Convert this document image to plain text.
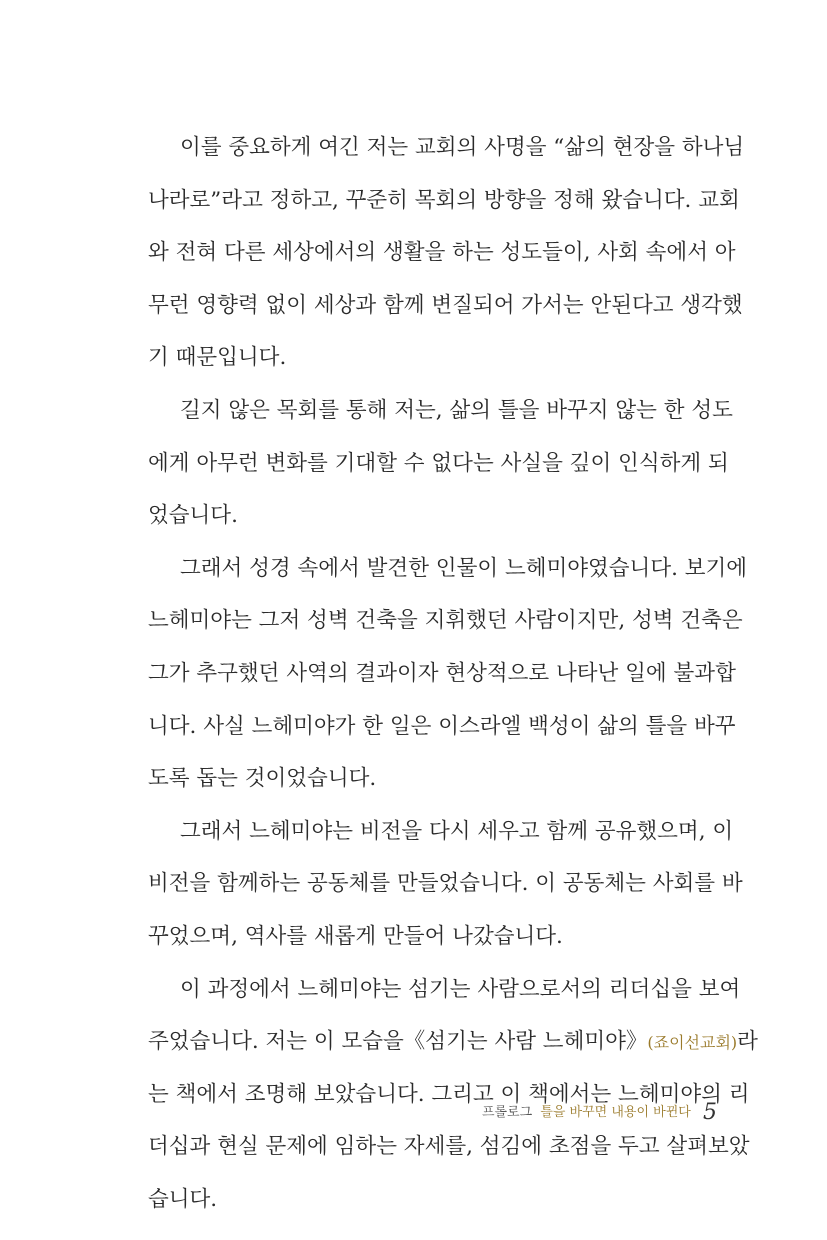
이를 중요하게 여긴 저는 교회의 사명을 “삶의 현장을 하나님
나라로”라고 정하고, 꾸준히 목회의 방향을 정해 왔습니다. 교회
와 전혀 다른 세상에서의 생활을 하는 성도들이, 사회 속에서 아
무런 영향력 없이 세상과 함께 변질되어 가서는 안된다고 생각했
기 때문입니다.
길지 않은 목회를 통해 저는, 삶의 틀을 바꾸지 않는 한 성도
에게 아무런 변화를 기대할 수 없다는 사실을 깊이 인식하게 되
었습니다.
그래서 성경 속에서 발견한 인물이 느헤미야였습니다. 보기에
느헤미야는 그저 성벽 건축을 지휘했던 사람이지만, 성벽 건축은
그가 추구했던 사역의 결과이자 현상적으로 나타난 일에 불과합
니다. 사실 느헤미야가 한 일은 이스라엘 백성이 삶의 틀을 바꾸
도록 돕는 것이었습니다.
그래서 느헤미야는 비전을 다시 세우고 함께 공유했으며, 이
비전을 함께하는 공동체를 만들었습니다. 이 공동체는 사회를 바
꾸었으며, 역사를 새롭게 만들어 나갔습니다.
이 과정에서 느헤미야는 섬기는 사람으로서의 리더십을 보여
주었습니다. 저는 이 모습을《섬기는 사람 느헤미야》(죠이선교회)라
는 책에서 조명해 보았습니다. 그리고 이 책에서는 느헤미야의 리
더십과 현실 문제에 임하는 자세를, 섬김에 초점을 두고 살펴보았
습니다.
프롤로그 틀을 바꾸면 내용이 바뀐다 5
